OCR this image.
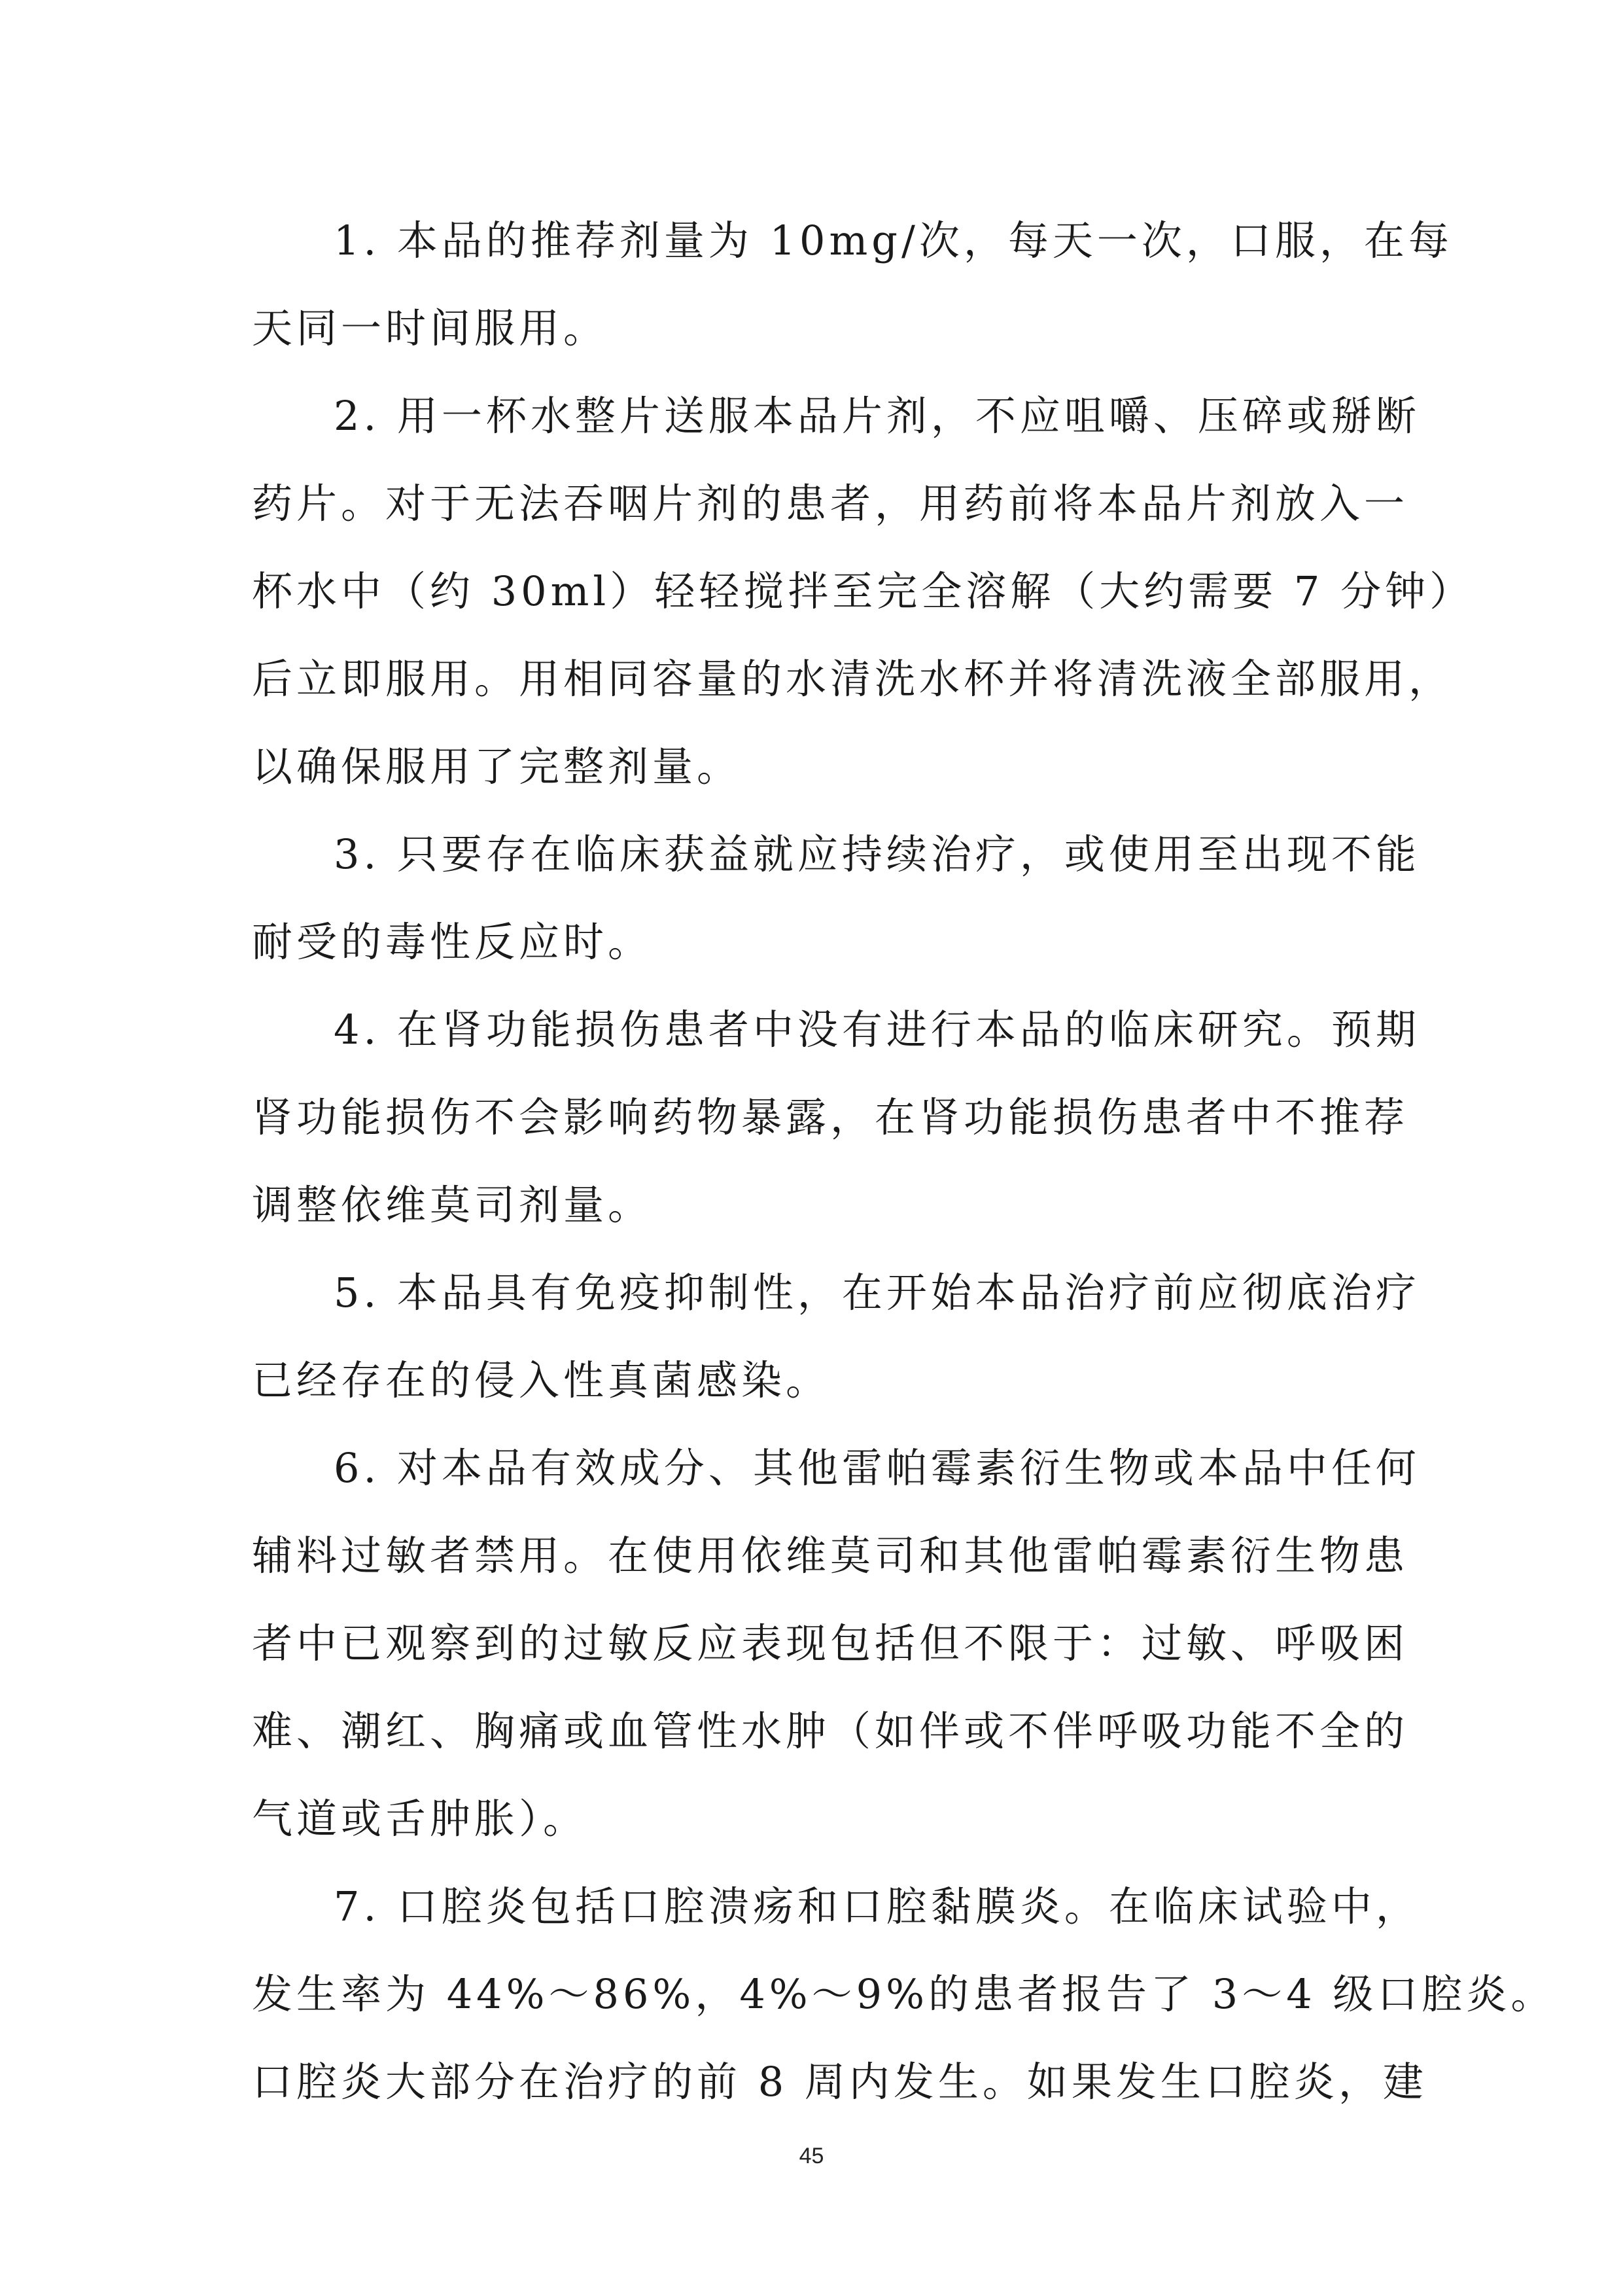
1. 本品的推荐剂量为 10mg/次，每天一次，口服，在每
天同一时间服用。
2. 用一杯水整片送服本品片剂，不应咀嚼、压碎或掰断
药片。对于无法吞咽片剂的患者，用药前将本品片剂放入一
杯水中（约 30ml）轻轻搅拌至完全溶解（大约需要 7 分钟）
后立即服用。用相同容量的水清洗水杯并将清洗液全部服用，
以确保服用了完整剂量。
3. 只要存在临床获益就应持续治疗，或使用至出现不能
耐受的毒性反应时。
4. 在肾功能损伤患者中没有进行本品的临床研究。预期
肾功能损伤不会影响药物暴露，在肾功能损伤患者中不推荐
调整依维莫司剂量。
5. 本品具有免疫抑制性，在开始本品治疗前应彻底治疗
已经存在的侵入性真菌感染。
6. 对本品有效成分、其他雷帕霉素衍生物或本品中任何
辅料过敏者禁用。在使用依维莫司和其他雷帕霉素衍生物患
者中已观察到的过敏反应表现包括但不限于：过敏、呼吸困
难、潮红、胸痛或血管性水肿（如伴或不伴呼吸功能不全的
气道或舌肿胀）。
7. 口腔炎包括口腔溃疡和口腔黏膜炎。在临床试验中，
发生率为 44%～86%，4%～9%的患者报告了 3～4 级口腔炎。
口腔炎大部分在治疗的前 8 周内发生。如果发生口腔炎，建
45
